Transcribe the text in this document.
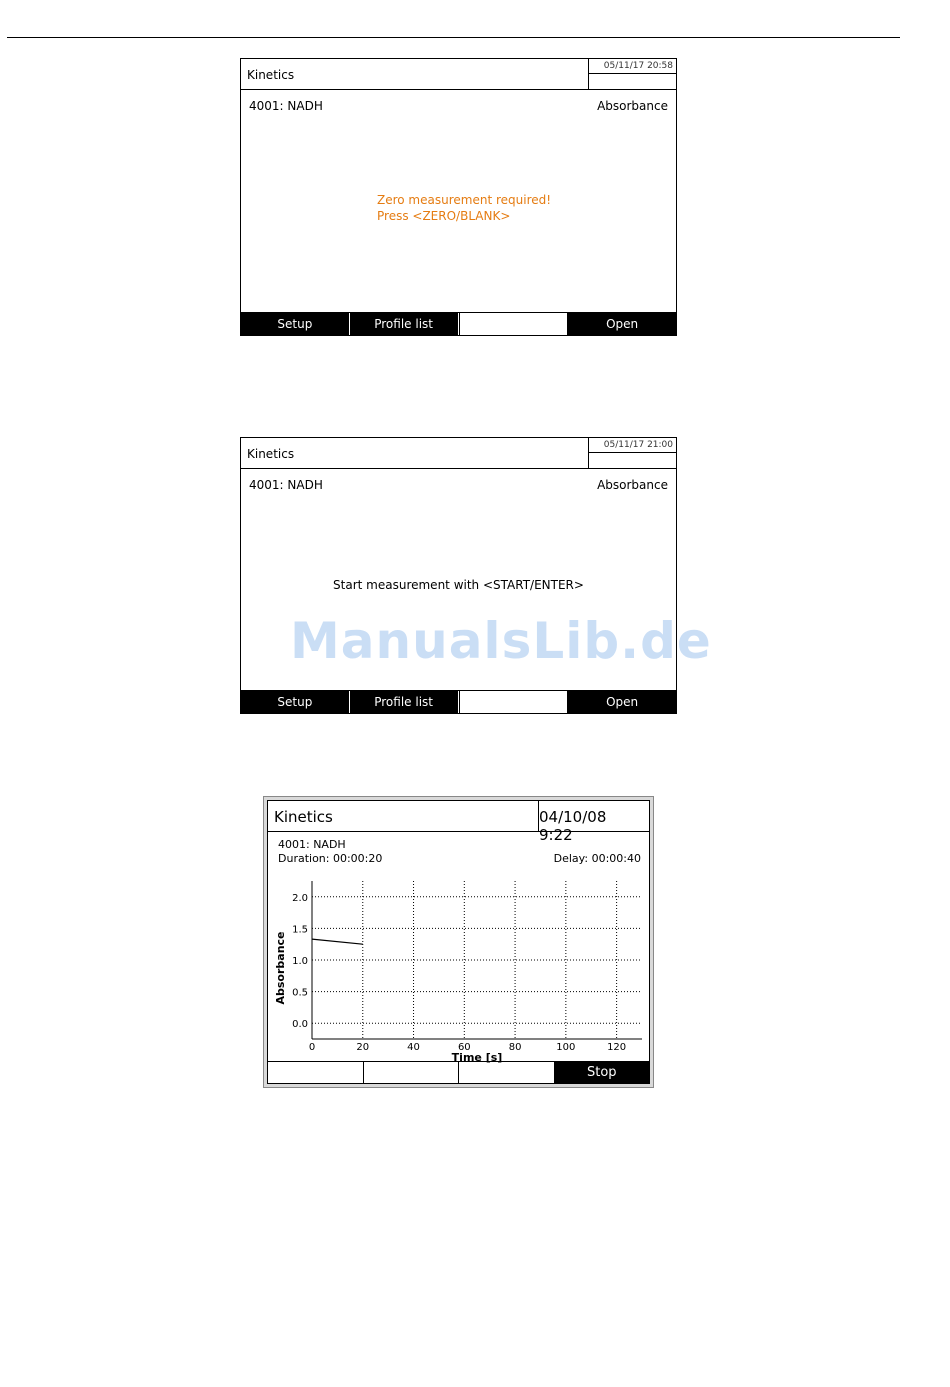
Kinetics
05/11/17 20:58
4001: NADH	Absorbance
Zero measurement required!
Press <ZERO/BLANK>
Setup	Profile list	Open
Kinetics
05/11/17 21:00
4001: NADH	Absorbance
Start measurement with <START/ENTER>
Setup	Profile list	Open
ManualsLib.de
Kinetics	04/10/08 9:22
4001: NADH
Duration: 00:00:20	Delay: 00:00:40
2.0
1.5
1.0
0.5
0.0
0	20	40	60	80	100	120
Time [s]
Absorbance
Stop
